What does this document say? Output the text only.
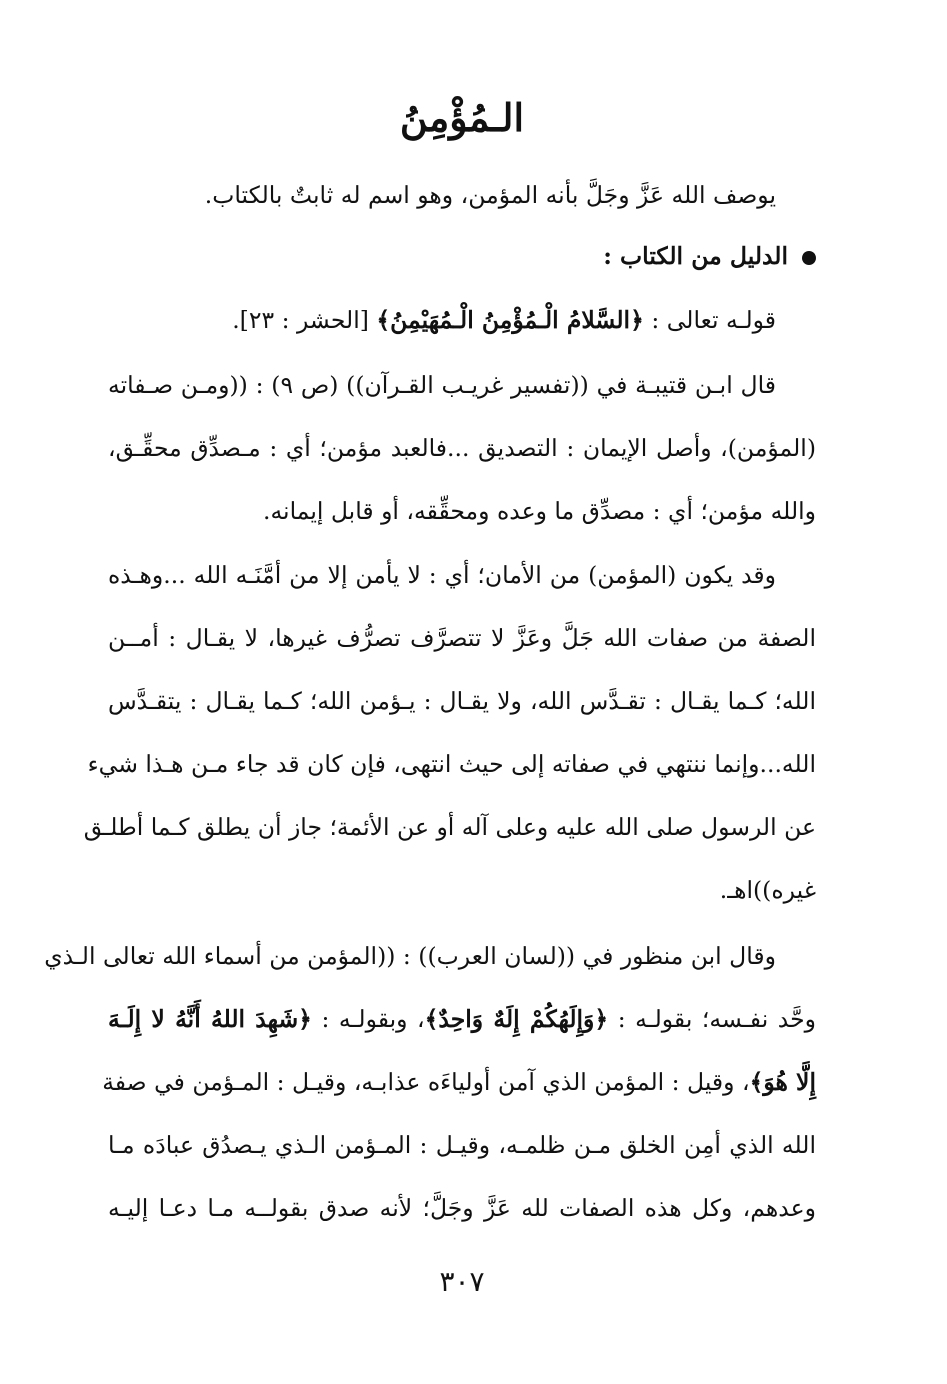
الـمُؤْمِنُ
يوصف الله عَزَّ وجَلَّ بأنه المؤمن، وهو اسم له ثابتٌ بالكتاب.
الدليل من الكتاب :
قولـه تعالى : ﴿السَّلامُ الْـمُؤْمِنُ الْـمُهَيْمِنُ﴾ [الحشر : ٢٣].
قال ابـن قتيبـة في ((تفسير غريـب القـرآن)) (ص ٩) : ((ومـن صـفاته
(المؤمن)، وأصل الإيمان : التصديق ...فالعبد مؤمن؛ أي : مـصدِّق محقِّـق،
والله مؤمن؛ أي : مصدِّق ما وعده ومحقِّقه، أو قابل إيمانه.
وقد يكون (المؤمن) من الأمان؛ أي : لا يأمن إلا من أمَّنَـه الله ...وهـذه
الصفة من صفات الله جَلَّ وعَزَّ لا تتصرَّف تصرُّف غيرها، لا يقـال : أمــن
الله؛ كـما يقـال : تقـدَّس الله، ولا يقـال : يـؤمن الله؛ كـما يقـال : يتقـدَّس
الله...وإنما ننتهي في صفاته إلى حيث انتهى، فإن كان قد جاء مـن هـذا شيء
عن الرسول صلى الله عليه وعلى آله أو عن الأئمة؛ جاز أن يطلق كـما أطلـق
غيره))اهـ.
وقال ابن منظور في ((لسان العرب)) : ((المؤمن من أسماء الله تعالى الـذي
وحَّد نفـسه؛ بقولـه : ﴿وَإِلَهُكُمْ إِلَهٌ وَاحِدٌ﴾، وبقولـه : ﴿شَهِدَ اللهُ أَنَّهُ لا إِلَـهَ
إِلَّا هُوَ﴾، وقيل : المؤمن الذي آمن أولياءَه عذابـه، وقيـل : المـؤمن في صفة
الله الذي أمِن الخلق مـن ظلمـه، وقيـل : المـؤمن الـذي يـصدُق عبادَه مـا
وعدهم، وكل هذه الصفات لله عَزَّ وجَلَّ؛ لأنه صدق بقولــه مـا دعـا إليـه
٣٠٧
